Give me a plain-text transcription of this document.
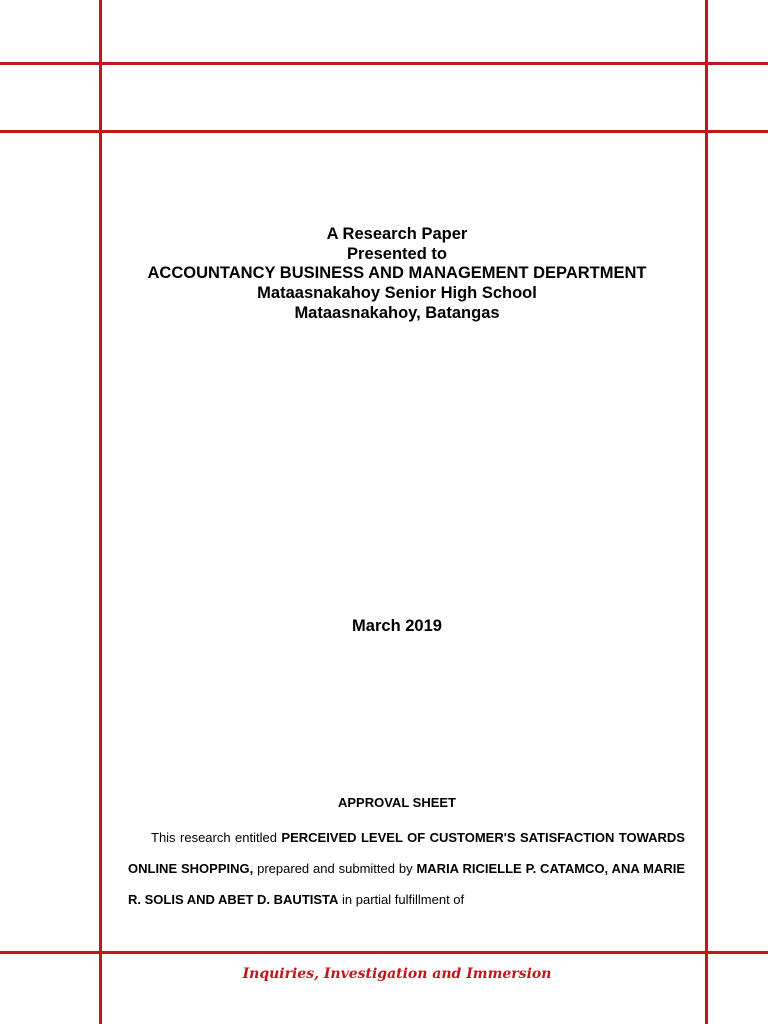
A Research Paper
Presented to
ACCOUNTANCY BUSINESS AND MANAGEMENT DEPARTMENT
Mataasnakahoy Senior High School
Mataasnakahoy, Batangas
March 2019
APPROVAL SHEET
This research entitled PERCEIVED LEVEL OF CUSTOMER'S SATISFACTION TOWARDS ONLINE SHOPPING, prepared and submitted by MARIA RICIELLE P. CATAMCO, ANA MARIE R. SOLIS AND ABET D. BAUTISTA in partial fulfillment of
Inquiries, Investigation and Immersion
